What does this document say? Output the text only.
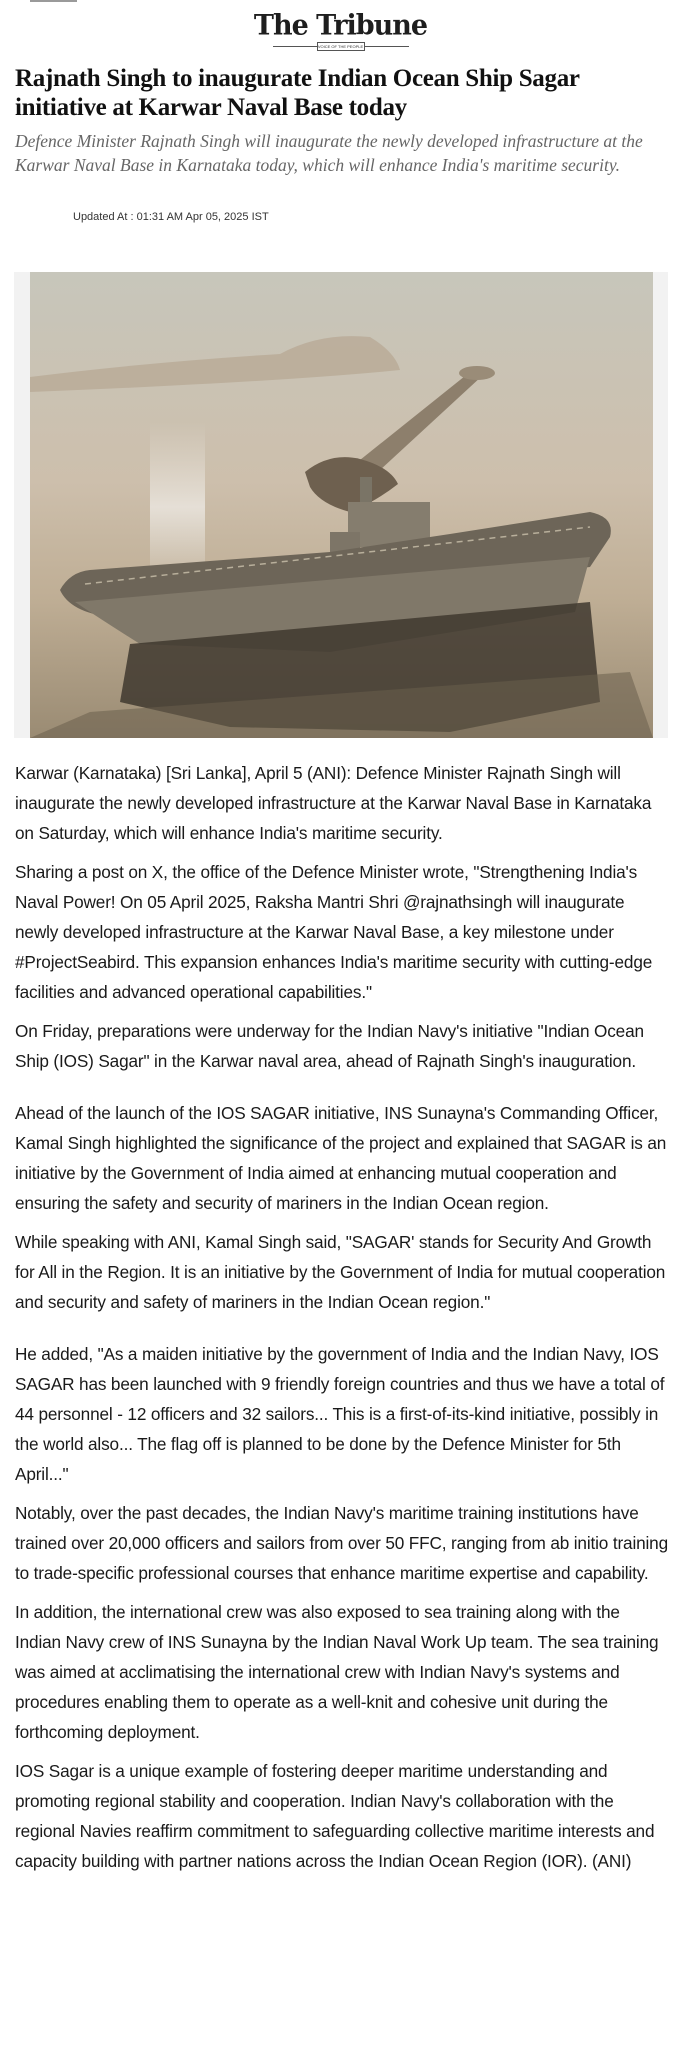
The Tribune
VOICE OF THE PEOPLE
Rajnath Singh to inaugurate Indian Ocean Ship Sagar initiative at Karwar Naval Base today

Defence Minister Rajnath Singh will inaugurate the newly developed infrastructure at the Karwar Naval Base in Karnataka today, which will enhance India's maritime security.

Updated At : 01:31 AM Apr 05, 2025 IST

Karwar (Karnataka) [Sri Lanka], April 5 (ANI): Defence Minister Rajnath Singh will inaugurate the newly developed infrastructure at the Karwar Naval Base in Karnataka on Saturday, which will enhance India's maritime security.

Sharing a post on X, the office of the Defence Minister wrote, "Strengthening India's Naval Power! On 05 April 2025, Raksha Mantri Shri @rajnathsingh will inaugurate newly developed infrastructure at the Karwar Naval Base, a key milestone under #ProjectSeabird. This expansion enhances India's maritime security with cutting-edge facilities and advanced operational capabilities."

On Friday, preparations were underway for the Indian Navy's initiative "Indian Ocean Ship (IOS) Sagar" in the Karwar naval area, ahead of Rajnath Singh's inauguration.

Ahead of the launch of the IOS SAGAR initiative, INS Sunayna's Commanding Officer, Kamal Singh highlighted the significance of the project and explained that SAGAR is an initiative by the Government of India aimed at enhancing mutual cooperation and ensuring the safety and security of mariners in the Indian Ocean region.

While speaking with ANI, Kamal Singh said, "SAGAR' stands for Security And Growth for All in the Region. It is an initiative by the Government of India for mutual cooperation and security and safety of mariners in the Indian Ocean region."

He added, "As a maiden initiative by the government of India and the Indian Navy, IOS SAGAR has been launched with 9 friendly foreign countries and thus we have a total of 44 personnel - 12 officers and 32 sailors... This is a first-of-its-kind initiative, possibly in the world also... The flag off is planned to be done by the Defence Minister for 5th April..."

Notably, over the past decades, the Indian Navy's maritime training institutions have trained over 20,000 officers and sailors from over 50 FFC, ranging from ab initio training to trade-specific professional courses that enhance maritime expertise and capability.

In addition, the international crew was also exposed to sea training along with the Indian Navy crew of INS Sunayna by the Indian Naval Work Up team. The sea training was aimed at acclimatising the international crew with Indian Navy's systems and procedures enabling them to operate as a well-knit and cohesive unit during the forthcoming deployment.

IOS Sagar is a unique example of fostering deeper maritime understanding and promoting regional stability and cooperation. Indian Navy's collaboration with the regional Navies reaffirm commitment to safeguarding collective maritime interests and capacity building with partner nations across the Indian Ocean Region (IOR). (ANI)
